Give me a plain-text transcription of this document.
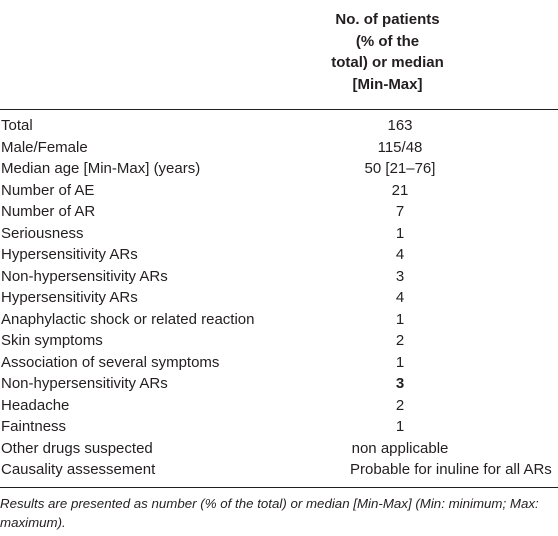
No. of patients
(% of the
total) or median
[Min-Max]
Total	163
Male/Female	115/48
Median age [Min-Max] (years)	50 [21–76]
Number of AE	21
Number of AR	7
Seriousness	1
Hypersensitivity ARs	4
Non-hypersensitivity ARs	3
Hypersensitivity ARs	4
Anaphylactic shock or related reaction	1
Skin symptoms	2
Association of several symptoms	1
Non-hypersensitivity ARs	3
Headache	2
Faintness	1
Other drugs suspected	non applicable
Causality assessement	Probable for inuline for all ARs
Results are presented as number (% of the total) or median [Min-Max] (Min: minimum; Max: maximum).
